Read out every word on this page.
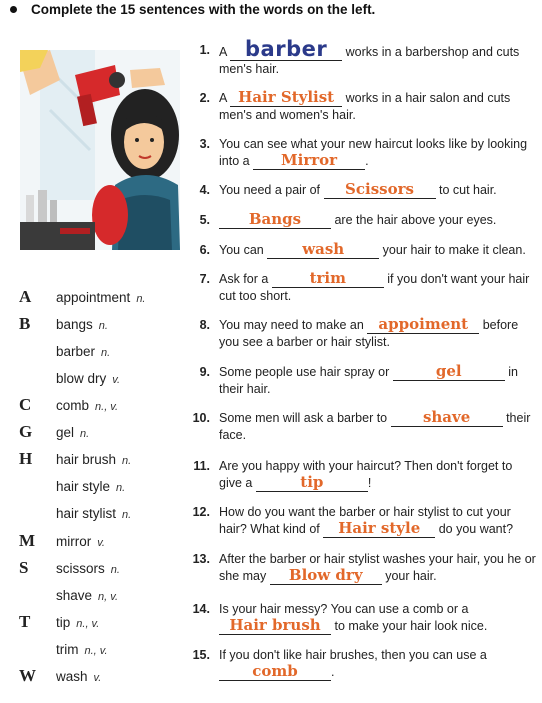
Complete the 15 sentences with the words on the left.
A appointment n.
B bangs n.
barber n.
blow dry v.
C comb n., v.
G gel n.
H hair brush n.
hair style n.
hair stylist n.
M mirror v.
S scissors n.
shave n, v.
T tip n., v.
trim n., v.
W wash v.
1. A barber works in a barbershop and cuts men's hair.
2. A Hair Stylist works in a hair salon and cuts men's and women's hair.
3. You can see what your new haircut looks like by looking into a Mirror .
4. You need a pair of Scissors to cut hair.
5.	Bangs are the hair above your eyes.
6. You can wash	your hair to make it clean.
7. Ask for a	trim	if you don't want your hair cut too short.
8. You may need to make an appoiment before you see a barber or hair stylist.
9. Some people use hair spray or	gel	in their hair.
10. Some men will ask a barber to shave	their face.
11. Are you happy with your haircut? Then don't forget to give a	tip	!
12. How do you want the barber or hair stylist to cut your hair? What kind of Hair style do you want?
13. After the barber or hair stylist washes your hair, you he or she may Blow dry your hair.
14. Is your hair messy? You can use a comb or a Hair brush to make your hair look nice.
15. If you don't like hair brushes, then you can use a comb	.
